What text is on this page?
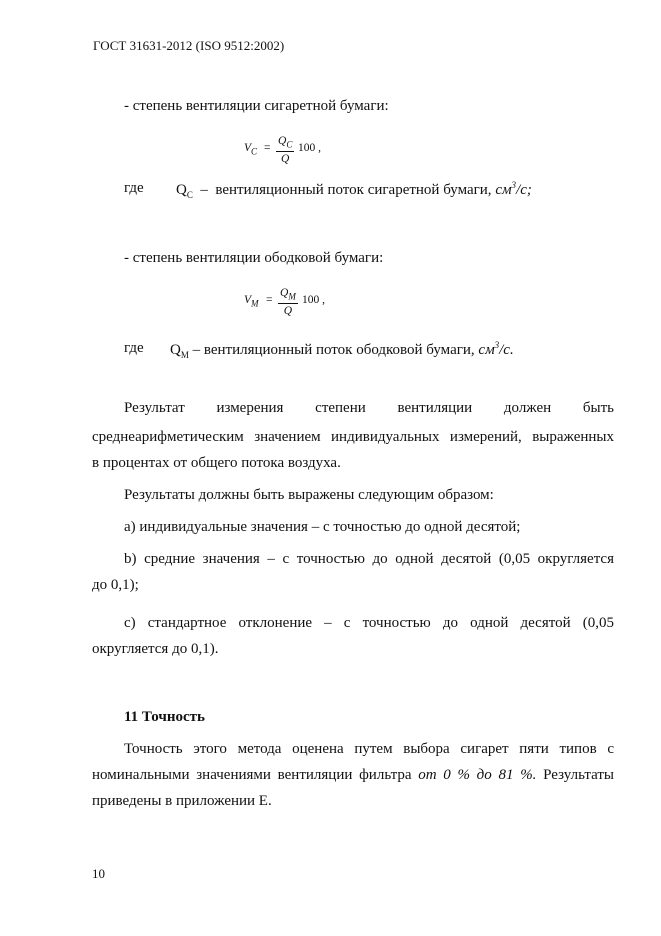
ГОСТ 31631-2012 (ISO 9512:2002)
- степень вентиляции сигаретной бумаги:
$V_C = \frac{Q_C}{Q} 100$ ,
где $Q_C$ – вентиляционный поток сигаретной бумаги, $см^3/с$;
- степень вентиляции ободковой бумаги:
$V_M = \frac{Q_M}{Q} 100$ ,
где $Q_M$ – вентиляционный поток ободковой бумаги, $см^3/с$.
Результат измерения степени вентиляции должен быть
среднеарифметическим значением индивидуальных измерений, выраженных
в процентах от общего потока воздуха.
Результаты должны быть выражены следующим образом:
а) индивидуальные значения – с точностью до одной десятой;
b) средние значения – с точностью до одной десятой (0,05 округляется
до 0,1);
с) стандартное отклонение – с точностью до одной десятой (0,05
округляется до 0,1).
11 Точность
Точность этого метода оценена путем выбора сигарет пяти типов с
номинальными значениями вентиляции фильтра от 0 % до 81 %. Результаты
приведены в приложении Е.
10
